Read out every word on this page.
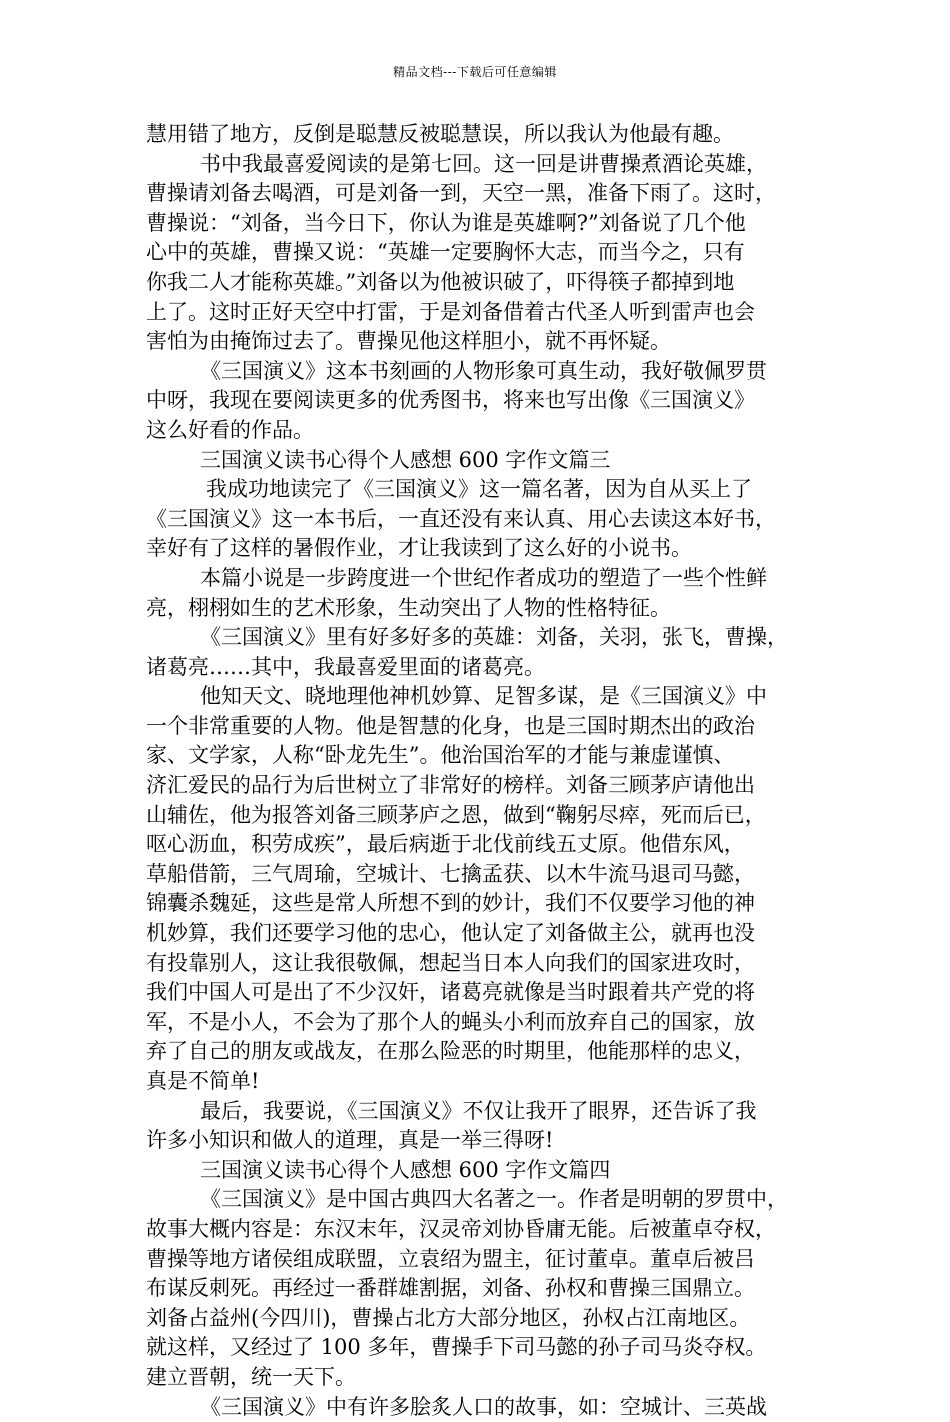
精品文档---下载后可任意编辑
慧用错了地方，反倒是聪慧反被聪慧误，所以我认为他最有趣。
书中我最喜爱阅读的是第七回。这一回是讲曹操煮酒论英雄，
曹操请刘备去喝酒，可是刘备一到，天空一黑，准备下雨了。这时，
曹操说：“刘备，当今日下，你认为谁是英雄啊?”刘备说了几个他
心中的英雄，曹操又说：“英雄一定要胸怀大志，而当今之，只有
你我二人才能称英雄。”刘备以为他被识破了，吓得筷子都掉到地
上了。这时正好天空中打雷，于是刘备借着古代圣人听到雷声也会
害怕为由掩饰过去了。曹操见他这样胆小，就不再怀疑。
《三国演义》这本书刻画的人物形象可真生动，我好敬佩罗贯
中呀，我现在要阅读更多的优秀图书，将来也写出像《三国演义》
这么好看的作品。
三国演义读书心得个人感想 600 字作文篇三
我成功地读完了《三国演义》这一篇名著，因为自从买上了
《三国演义》这一本书后，一直还没有来认真、用心去读这本好书，
幸好有了这样的暑假作业，才让我读到了这么好的小说书。
本篇小说是一步跨度进一个世纪作者成功的塑造了一些个性鲜
亮，栩栩如生的艺术形象，生动突出了人物的性格特征。
《三国演义》里有好多好多的英雄：刘备，关羽，张飞，曹操，
诸葛亮……其中，我最喜爱里面的诸葛亮。
他知天文、晓地理他神机妙算、足智多谋，是《三国演义》中
一个非常重要的人物。他是智慧的化身，也是三国时期杰出的政治
家、文学家，人称“卧龙先生”。他治国治军的才能与兼虚谨慎、
济汇爱民的品行为后世树立了非常好的榜样。刘备三顾茅庐请他出
山辅佐，他为报答刘备三顾茅庐之恩，做到“鞠躬尽瘁，死而后已，
呕心沥血，积劳成疾”，最后病逝于北伐前线五丈原。他借东风，
草船借箭，三气周瑜，空城计、七擒孟获、以木牛流马退司马懿，
锦囊杀魏延，这些是常人所想不到的妙计，我们不仅要学习他的神
机妙算，我们还要学习他的忠心，他认定了刘备做主公，就再也没
有投靠别人，这让我很敬佩，想起当日本人向我们的国家进攻时，
我们中国人可是出了不少汉奸，诸葛亮就像是当时跟着共产党的将
军，不是小人，不会为了那个人的蝇头小利而放弃自己的国家，放
弃了自己的朋友或战友，在那么险恶的时期里，他能那样的忠义，
真是不简单!
最后，我要说，《三国演义》不仅让我开了眼界，还告诉了我
许多小知识和做人的道理，真是一举三得呀!
三国演义读书心得个人感想 600 字作文篇四
《三国演义》是中国古典四大名著之一。作者是明朝的罗贯中，
故事大概内容是：东汉末年，汉灵帝刘协昏庸无能。后被董卓夺权，
曹操等地方诸侯组成联盟，立袁绍为盟主，征讨董卓。董卓后被吕
布谋反刺死。再经过一番群雄割据，刘备、孙权和曹操三国鼎立。
刘备占益州(今四川)，曹操占北方大部分地区，孙权占江南地区。
就这样，又经过了 100 多年，曹操手下司马懿的孙子司马炎夺权。
建立晋朝，统一天下。
《三国演义》中有许多脍炙人口的故事，如：空城计、三英战
